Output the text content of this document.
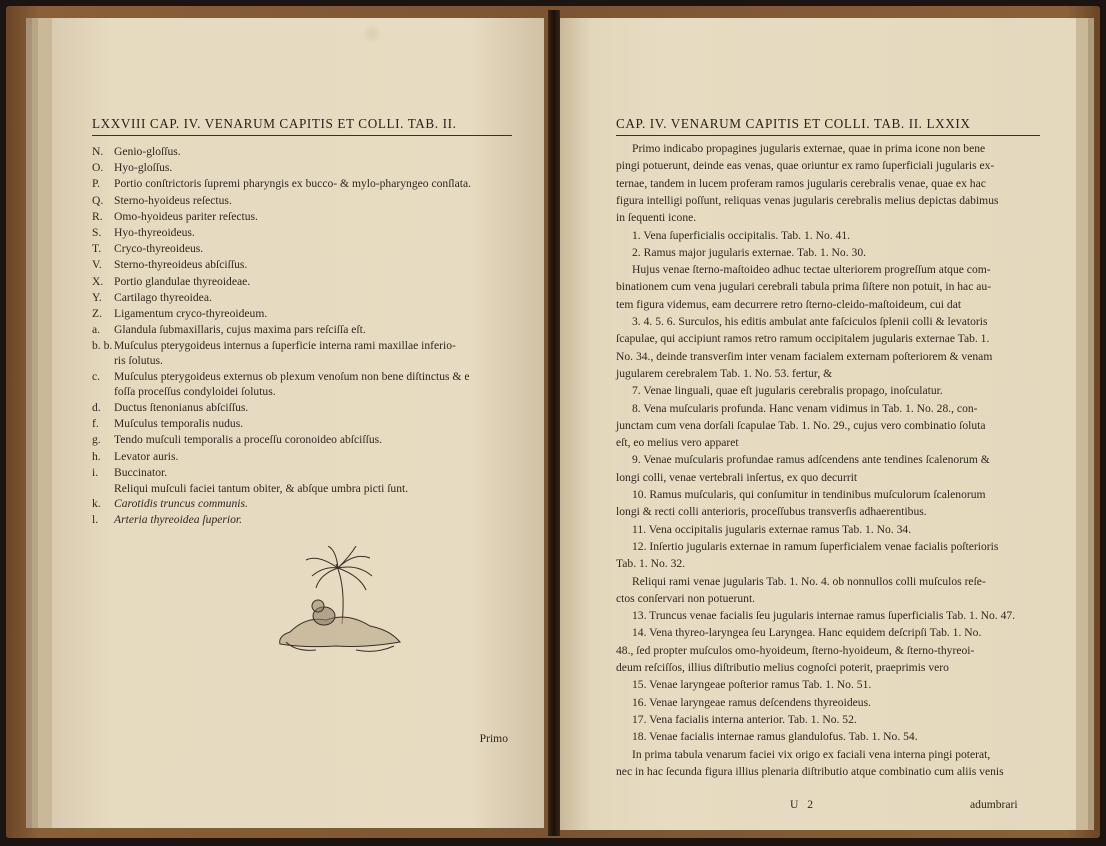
LXXVIII CAP. IV. VENARUM CAPITIS ET COLLI. TAB. II.
N. Genio-gloſſus.
O. Hyo-gloſſus.
P. Portio conſtrictoris ſupremi pharyngis ex bucco- & mylo-pharyngeo conſlata.
Q. Sterno-hyoideus reſectus.
R. Omo-hyoideus pariter reſectus.
S. Hyo-thyreoideus.
T. Cryco-thyreoideus.
V. Sterno-thyreoideus abſciſſus.
X. Portio glandulae thyreoideae.
Y. Cartilago thyreoidea.
Z. Ligamentum cryco-thyreoideum.
a. Glandula ſubmaxillaris, cujus maxima pars reſciſſa eſt.
b. b. Muſculus pterygoideus internus a ſuperficie interna rami maxillae inferio-
ris ſolutus.
c. Muſculus pterygoideus externus ob plexum venoſum non bene diſtinctus & e
foſſa proceſſus condyloidei ſolutus.
d. Ductus ſtenonianus abſciſſus.
f. Muſculus temporalis nudus.
g. Tendo muſculi temporalis a proceſſu coronoideo abſciſſus.
h. Levator auris.
i. Buccinator.
Reliqui muſculi faciei tantum obiter, & abſque umbra picti ſunt.
k. Carotidis truncus communis.
l. Arteria thyreoidea ſuperior.
Primo
CAP. IV. VENARUM CAPITIS ET COLLI. TAB. II. LXXIX
Primo indicabo propagines jugularis externae, quae in prima icone non bene
pingi potuerunt, deinde eas venas, quae oriuntur ex ramo ſuperficiali jugularis ex-
ternae, tandem in lucem proferam ramos jugularis cerebralis venae, quae ex hac
figura intelligi poſſunt, reliquas venas jugularis cerebralis melius depictas dabimus
in ſequenti icone.
1. Vena ſuperficialis occipitalis. Tab. 1. No. 41.
2. Ramus major jugularis externae. Tab. 1. No. 30.
Hujus venae ſterno-maſtoideo adhuc tectae ulteriorem progreſſum atque com-
binationem cum vena jugulari cerebrali tabula prima ſiſtere non potuit, in hac au-
tem figura videmus, eam decurrere retro ſterno-cleido-maſtoideum, cui dat
3. 4. 5. 6. Surculos, his editis ambulat ante faſciculos ſplenii colli & levatoris
ſcapulae, qui accipiunt ramos retro ramum occipitalem jugularis externae Tab. 1.
No. 34., deinde transverſim inter venam facialem externam poſteriorem & venam
jugularem cerebralem Tab. 1. No. 53. fertur, &
7. Venae linguali, quae eſt jugularis cerebralis propago, inoſculatur.
8. Vena muſcularis profunda. Hanc venam vidimus in Tab. 1. No. 28., con-
junctam cum vena dorſali ſcapulae Tab. 1. No. 29., cujus vero combinatio ſoluta
eſt, eo melius vero apparet
9. Venae muſcularis profundae ramus adſcendens ante tendines ſcalenorum &
longi colli, venae vertebrali inſertus, ex quo decurrit
10. Ramus muſcularis, qui conſumitur in tendinibus muſculorum ſcalenorum
longi & recti colli anterioris, proceſſubus transverſis adhaerentibus.
11. Vena occipitalis jugularis externae ramus Tab. 1. No. 34.
12. Inſertio jugularis externae in ramum ſuperficialem venae facialis poſterioris
Tab. 1. No. 32.
Reliqui rami venae jugularis Tab. 1. No. 4. ob nonnullos colli muſculos reſe-
ctos conſervari non potuerunt.
13. Truncus venae facialis ſeu jugularis internae ramus ſuperficialis Tab. 1. No. 47.
14. Vena thyreo-laryngea ſeu Laryngea. Hanc equidem deſcripſi Tab. 1. No.
48., ſed propter muſculos omo-hyoideum, ſterno-hyoideum, & ſterno-thyreoi-
deum reſciſſos, illius diſtributio melius cognoſci poterit, praeprimis vero
15. Venae laryngeae poſterior ramus Tab. 1. No. 51.
16. Venae laryngeae ramus deſcendens thyreoideus.
17. Vena facialis interna anterior. Tab. 1. No. 52.
18. Venae facialis internae ramus glandulofus. Tab. 1. No. 54.
In prima tabula venarum faciei vix origo ex faciali vena interna pingi poterat,
nec in hac ſecunda figura illius plenaria diſtributio atque combinatio cum aliis venis
U 2	adumbrari
